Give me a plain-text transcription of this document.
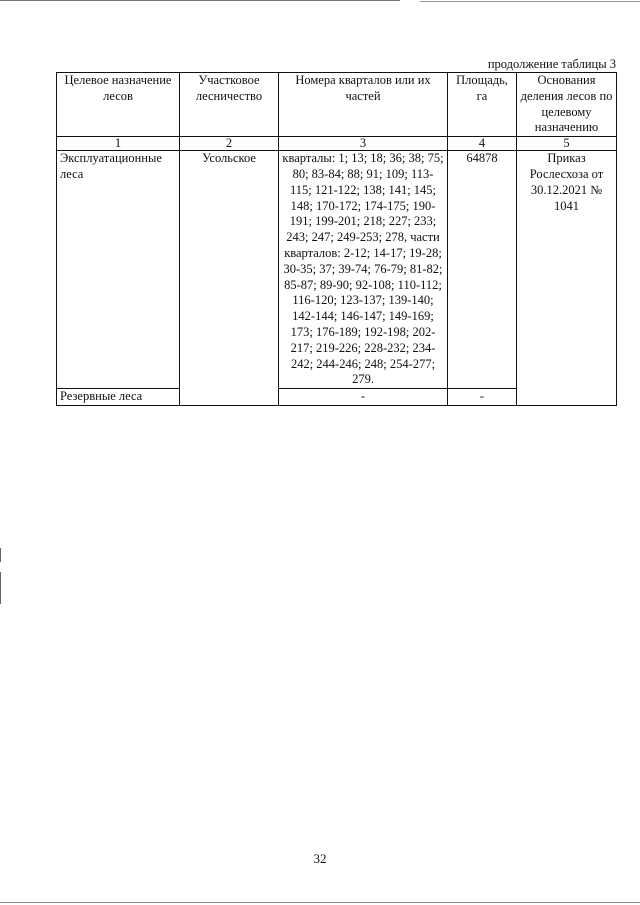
продолжение таблицы 3
Целевое назначение лесов	Участковое лесничество	Номера кварталов или их частей	Площадь, га	Основания деления лесов по целевому назначению
1	2	3	4	5
Эксплуатационные леса	Усольское	кварталы: 1; 13; 18; 36; 38; 75; 80; 83-84; 88; 91; 109; 113-115; 121-122; 138; 141; 145; 148; 170-172; 174-175; 190-191; 199-201; 218; 227; 233; 243; 247; 249-253; 278, части кварталов: 2-12; 14-17; 19-28; 30-35; 37; 39-74; 76-79; 81-82; 85-87; 89-90; 92-108; 110-112; 116-120; 123-137; 139-140; 142-144; 146-147; 149-169; 173; 176-189; 192-198; 202-217; 219-226; 228-232; 234-242; 244-246; 248; 254-277; 279.	64878	Приказ Рослесхоза от 30.12.2021 № 1041
Резервные леса		-	-	
32
